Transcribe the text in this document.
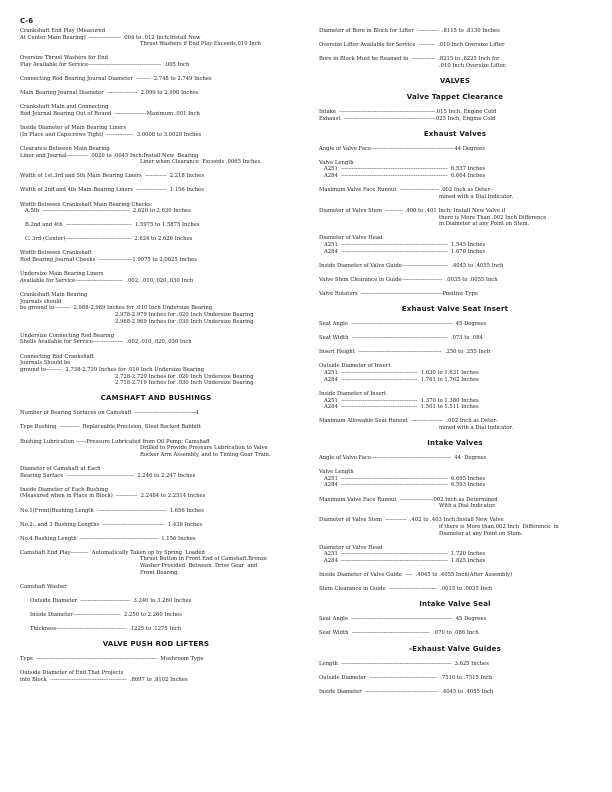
C-6
Crankshaft End Play (Measured
At Center Main Bearing)  ------------------ .004 to .012 Inch;Install New
Thrust Washers if End Play Exceeds.010 Inch
Oversize Thrust Washers for End
Play Available for Service-----------------------------------------  .005 Inch
Connecting Rod Bearing Journal Diameter  --------  2.748 to 2.749 Inches
Main Bearing Journal Diameter  -----------------  2.999 to 2.998 Inches
Crankshaft Main and Connecting
Rod Journal Bearing Out of Round  ------------------Maximum .001 Inch
Inside Diameter of Main Bearing Liners
(In Place and Capscrews Tight)  ---------------  3.0008 to 3.0028 Inches
Clearance Between Main Bearing
Liner and Journal------------ .0020 to .0045 Inch;Install New  Bearing
Liner when Clearance  Exceeds .0065 Inches.
Width of 1st,3rd and 5th Main Bearing Liners  ------------  2.218 Inches
Width of 2nd and 4th Main Bearing Liners  -----------------  1.156 Inches
Width Between Crankshaft Main Bearing Checks:
A.5th  -------------------------------------------------  2.620 to 2.630 Inches
B.2nd and 4th  -------------------------------------  1.5975 to 1.5875 Inches
C. 3rd (Center)-------------------------------------  2.624 to 2.626 Inches
Width Between Crankshaft
Rod Bearing Journal Cheeks  -------------------1.9975 to 2.0025 Inches
Undersize Main Bearing Liners
Available for Service---------------------------  .002, .010,.020,.030 Inch
Crankshaft Main Bearing
Journals should
be ground to---------  2.988-2.989 Inches for .010 Inch Undersize Bearing
2.978-2.979 Inches for .020 Inch Undersize Bearing
2.968-2.969 Inches for .030 Inch Undersize Bearing
Undersize Connecting Rod Bearing
Shells Available for Service-----------------  .002,.010,.020,.030 Inch
Connecting Rod Crankshaft
Journals Should be
ground to---------  2.738-2.739 Inches for .010 Inch Undersize Bearing
2.728-2.729 Inches for .020 Inch Undersize Bearing
2.718-2.719 Inches for .030 Inch Undersize Bearing
CAMSHAFT AND BUSHINGS
Number of Bearing Surfaces on Camshaft  ----------------------------------4
Type Bushing  -----------  Replaceable,Precision, Steel Backed Babbitt
Bushing Lubrication  -----Pressure Lubricated from Oil Pump; Camshaft
Drilled to Provide Pressure Lubrication to Valve
Rocker Arm Assembly, and to Timing Gear Train.
Diameter of Camshaft at Each
Bearing Surface  --------------------------------------  2.246 to 2.247 Inches
Inside Diameter of Each Bushing
(Measured when in Place in Block)  ------------  2.2484 to 2.2514 Inches
No.1(Front)Bushing Length  ---------------------------------------  1.656 Inches
No.2., and 3 Bushing Lengths  -----------------------------------  1.438 Inches
No.4 Bushing Length  --------------------------------------------  1.156 Inches
Camshaft End Play----------  Automatically Taken up by Spring  Loaded
Thrust Button in Front End of Camshaft.Bronze
Washer Provided  Between  Drive Gear  and
Front Bearing.
Camshaft Washer
Outside Diameter  ----------------------------  3.240 to 3.260 Inches
Inside Diameter---------------------------  2.250 to 2.260 Inches
Thickness---------------------------------------  .1225 to .1275 Inch
VALVE PUSH ROD LIFTERS
Type  --------------------------------------------------------------------  Mushroom Type
Outside Diameter of End That Projects
into Block  -------------------------------------------  .8097 to .8102 Inches
Diameter of Bore in Block for Lifter  ------------  .8115 to .8130 Inches
Oversize Lifter Available for Service  ---------  .010 Inch Oversize Lifter
Bore in Block Must be Reamed to  -------------  .8215 to .8225 Inch for
.010 Inch Oversize Lifter.
VALVES
Valve Tappet Clearance
Intake  ------------------------------------------------------.015 Inch, Engine Cold
Exhaust  ---------------------------------------------------.025 Inch, Engine Cold
Exhaust Valves
Angle of Valve Face-----------------------------------------------44 Degrees
Valve Length
A251  ------------------------------------------------------------  6.537 Inches
A284  ------------------------------------------------------------  6.604 Inches
Maximum Valve Face Runout  ---------------------- .002 Inch as Deter-
mined with a Dial Indicator.
Diameter of Valve Stem  ---------- .400 to .401 Inch; Install New Valve if
there is More Than .002 Inch Difference
in Diameter at any Point on Stem.
Diameter of Valve Head
A251  ------------------------------------------------------------  1.545 Inches
A284  ------------------------------------------------------------  1.670 Inches
Inside Diameter of Valve Guide--------------------------  .4045 to .4055 Inch
Valve Stem Clearance in Guide-----------------------  .0035 to .0055 Inch
Valve Rotators  ----------------------------------------------Positive Type
Exhaust Valve Seat Insert
Seat Angle  ---------------------------------------------------------  45 Degrees
Seat Width  ------------------------------------------------------  .073 to .084
Insert Height  -----------------------------------------------  .250 to .255 Inch
Outside Diameter of Insert
A251  -------------------------------------------  1.630 to 1.631 Inches
A284  -------------------------------------------  1.761 to 1.762 Inches
Inside Diameter of Insert
A251  -------------------------------------------  1.370 to 1.380 Inches
A284  -------------------------------------------  1.501 to 1.511 Inches
Maximum Allowable Seat Runout  ------------------  .002 Inch as Deter-
mined with a Dial Indicator.
Intake Valves
Angle of Valve Face---------------------------------------------  44  Degrees
Valve Length
A251  ------------------------------------------------------------  6.695 Inches
A284  ------------------------------------------------------------  6.593 Inches
Maximum Valve Face Runout  ------------------.002 Inch as Determined
With a Dial Indicator.
Diameter of Valve Stem  ------------  .402 to .403 Inch;Install New Valve
if there is More than.002 Inch  Difference  in
Diameter at any Point on Stem.
Diameter of Valve Head
A251  ------------------------------------------------------------  1.720 Inches
A284  ------------------------------------------------------------  1.825 Inches
Inside Diameter of Valve Guide  ----  .4045 to .4055 Inch(After Assembly)
Stem Clearance in Guide  ---------------------------  .0015 to .0035 Inch
Intake Valve Seal
Seat Angle  ---------------------------------------------------------  45 Degrees
Seat Width  --------------------------------------------  .070 to .086 Inch
-Exhaust Valve Guides
Length  --------------------------------------------------------------  3.625 Inches
Outside Diameter  --------------------------------------  .7510 to .7515 Inch
Inside Diameter  -----------------------------------------  .4045 to .4055 Inch
